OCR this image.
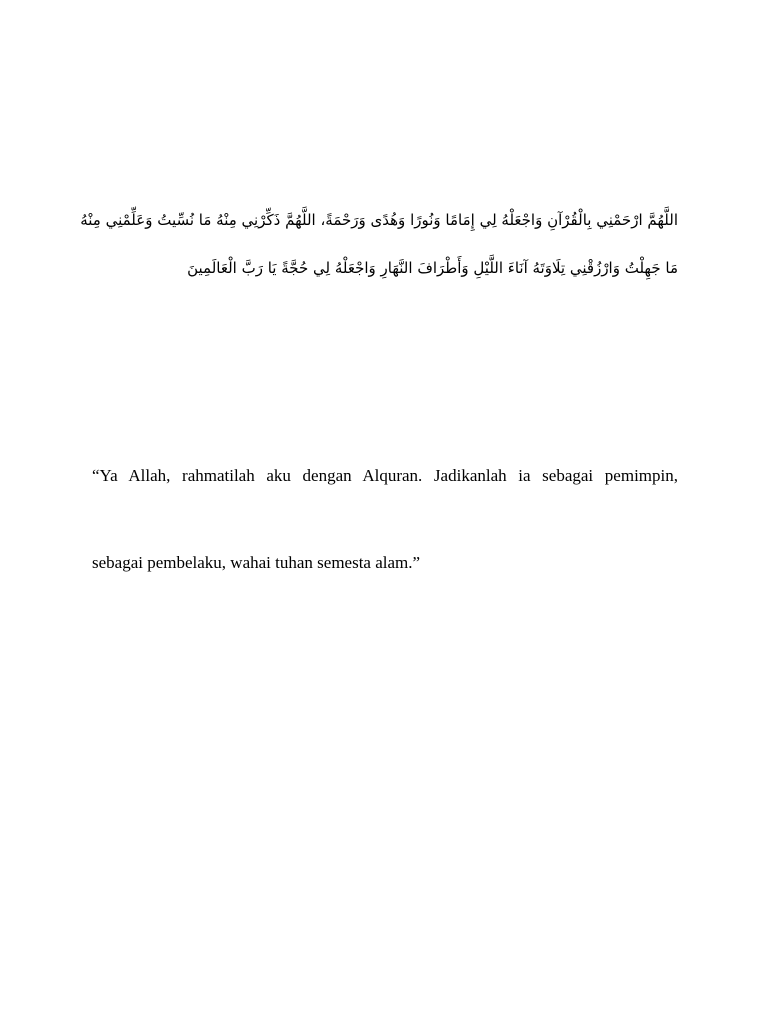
اللَّهُمَّ ارْحَمْنِي بِالْقُرْآنِ وَاجْعَلْهُ لِي إِمَامًا وَنُورًا وَهُدًى وَرَحْمَةً، اللَّهُمَّ ذَكِّرْنِي مِنْهُ مَا نُسِّيتُ وَعَلِّمْنِي مِنْهُ
مَا جَهِلْتُ وَارْزُقْنِي تِلَاوَتَهُ آنَاءَ اللَّيْلِ وَأَطْرَافَ النَّهَارِ وَاجْعَلْهُ لِي حُجَّةً يَا رَبَّ الْعَالَمِينَ
“Ya Allah, rahmatilah aku dengan Alquran. Jadikanlah ia sebagai pemimpin,
sebagai pembelaku, wahai tuhan semesta alam.”
